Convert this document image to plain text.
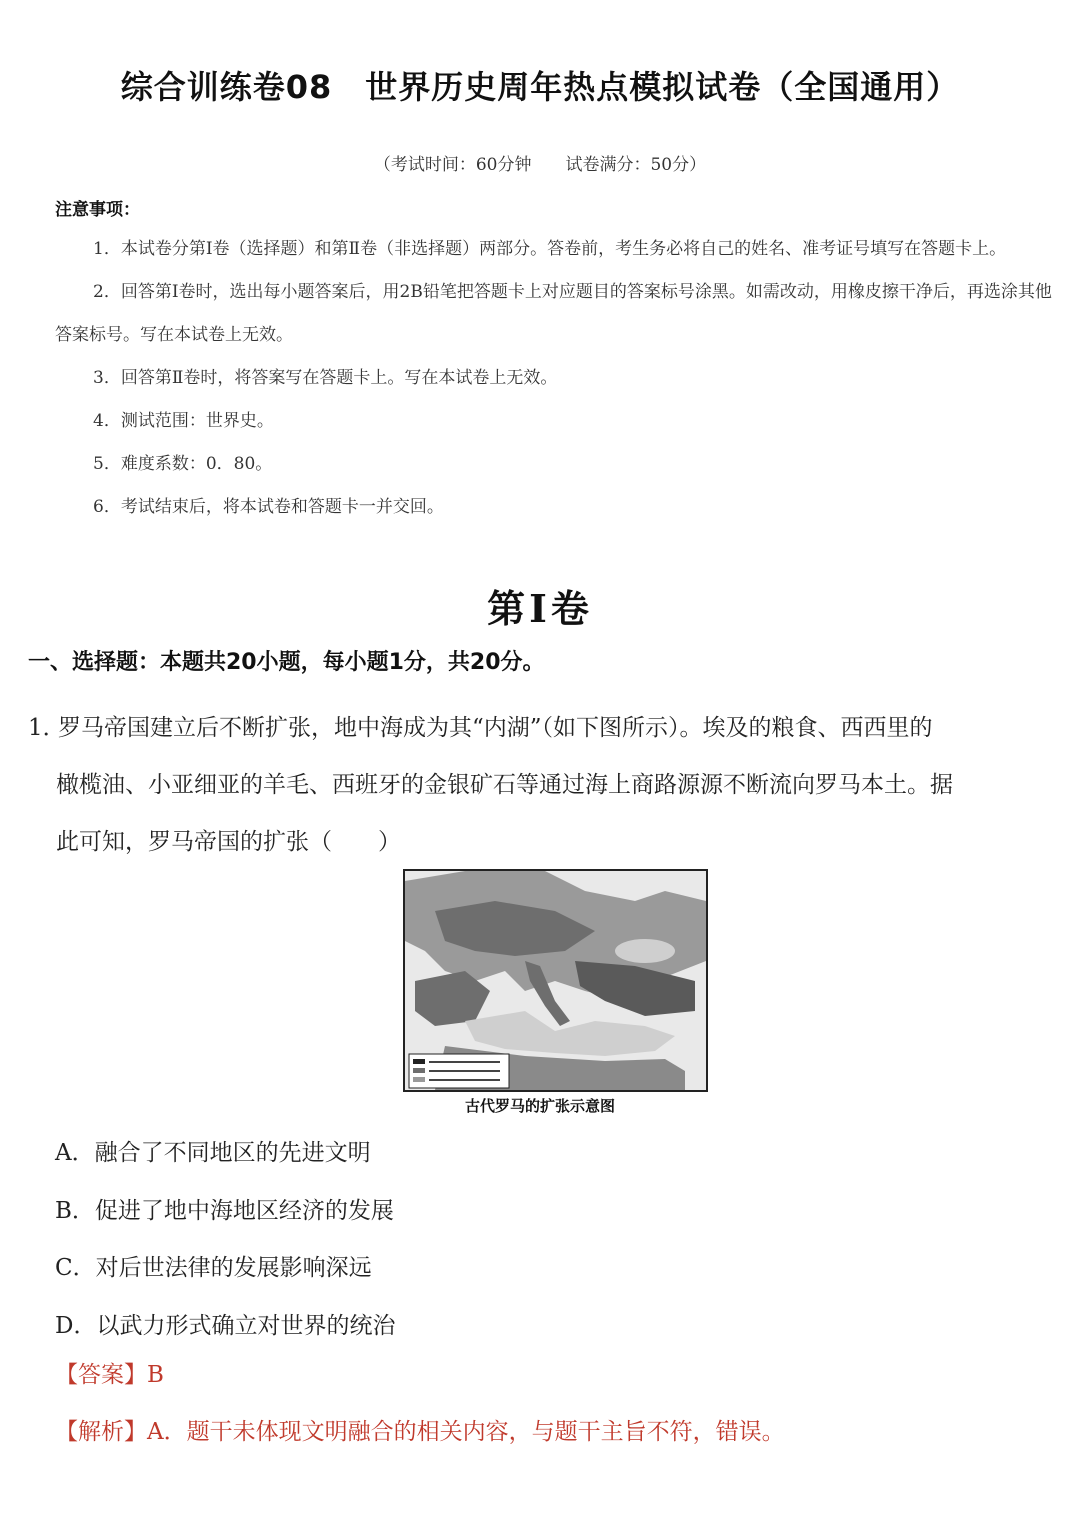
综合训练卷08　世界历史周年热点模拟试卷（全国通用）
（考试时间：60分钟　　试卷满分：50分）
注意事项：

1．本试卷分第Ⅰ卷（选择题）和第Ⅱ卷（非选择题）两部分。答卷前，考生务必将自己的姓名、准考证号填写在答题卡上。

2．回答第Ⅰ卷时，选出每小题答案后，用2B铅笔把答题卡上对应题目的答案标号涂黑。如需改动，用橡皮擦干净后，再选涂其他答案标号。写在本试卷上无效。

3．回答第Ⅱ卷时，将答案写在答题卡上。写在本试卷上无效。

4．测试范围：世界史。

5．难度系数：0．80。

6．考试结束后，将本试卷和答题卡一并交回。

第Ⅰ卷
一、选择题：本题共20小题，每小题1分，共20分。
1．罗马帝国建立后不断扩张，地中海成为其“内湖”（如下图所示）。埃及的粮食、西西里的
橄榄油、小亚细亚的羊毛、西班牙的金银矿石等通过海上商路源源不断流向罗马本土。据
此可知，罗马帝国的扩张（　　）
古代罗马的扩张示意图
A．融合了不同地区的先进文明
B．促进了地中海地区经济的发展
C．对后世法律的发展影响深远
D．以武力形式确立对世界的统治
【答案】B
【解析】A．题干未体现文明融合的相关内容，与题干主旨不符，错误。
